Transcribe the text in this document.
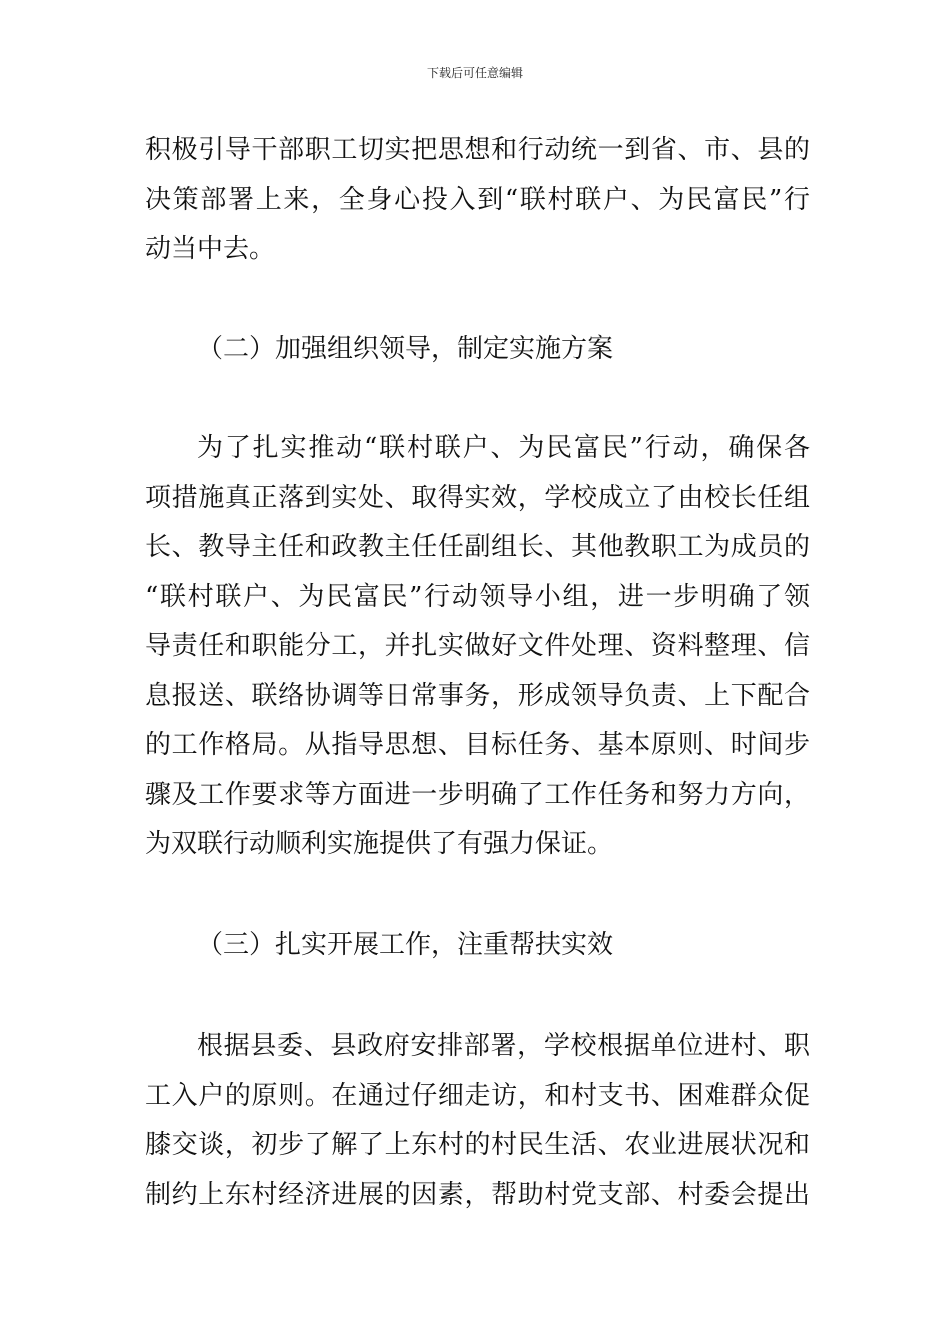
下载后可任意编辑
积极引导干部职工切实把思想和行动统一到省、市、县的
决策部署上来，全身心投入到“联村联户、为民富民”行
动当中去。
（二）加强组织领导，制定实施方案
为了扎实推动“联村联户、为民富民”行动，确保各
项措施真正落到实处、取得实效，学校成立了由校长任组
长、教导主任和政教主任任副组长、其他教职工为成员的
“联村联户、为民富民”行动领导小组，进一步明确了领
导责任和职能分工，并扎实做好文件处理、资料整理、信
息报送、联络协调等日常事务，形成领导负责、上下配合
的工作格局。从指导思想、目标任务、基本原则、时间步
骤及工作要求等方面进一步明确了工作任务和努力方向，
为双联行动顺利实施提供了有强力保证。
（三）扎实开展工作，注重帮扶实效
根据县委、县政府安排部署，学校根据单位进村、职
工入户的原则。在通过仔细走访，和村支书、困难群众促
膝交谈，初步了解了上东村的村民生活、农业进展状况和
制约上东村经济进展的因素，帮助村党支部、村委会提出
